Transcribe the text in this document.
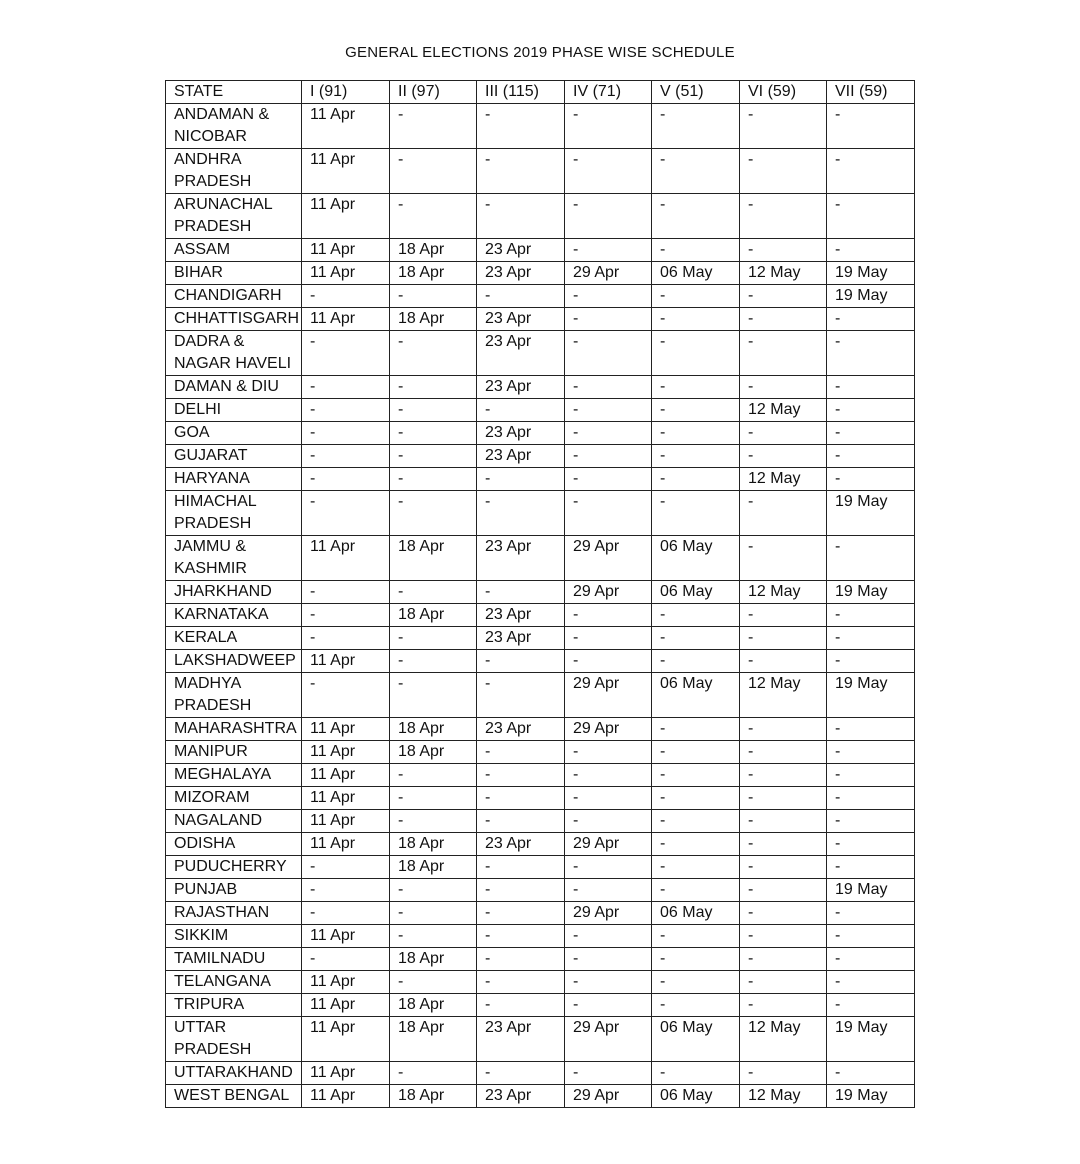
GENERAL ELECTIONS 2019 PHASE WISE SCHEDULE
STATE	I (91)	II (97)	III (115)	IV (71)	V (51)	VI (59)	VII (59)
ANDAMAN & NICOBAR	11 Apr	-	-	-	-	-	-
ANDHRA PRADESH	11 Apr	-	-	-	-	-	-
ARUNACHAL PRADESH	11 Apr	-	-	-	-	-	-
ASSAM	11 Apr	18 Apr	23 Apr	-	-	-	-
BIHAR	11 Apr	18 Apr	23 Apr	29 Apr	06 May	12 May	19 May
CHANDIGARH	-	-	-	-	-	-	19 May
CHHATTISGARH	11 Apr	18 Apr	23 Apr	-	-	-	-
DADRA & NAGAR HAVELI	-	-	23 Apr	-	-	-	-
DAMAN & DIU	-	-	23 Apr	-	-	-	-
DELHI	-	-	-	-	-	12 May	-
GOA	-	-	23 Apr	-	-	-	-
GUJARAT	-	-	23 Apr	-	-	-	-
HARYANA	-	-	-	-	-	12 May	-
HIMACHAL PRADESH	-	-	-	-	-	-	19 May
JAMMU & KASHMIR	11 Apr	18 Apr	23 Apr	29 Apr	06 May	-	-
JHARKHAND	-	-	-	29 Apr	06 May	12 May	19 May
KARNATAKA	-	18 Apr	23 Apr	-	-	-	-
KERALA	-	-	23 Apr	-	-	-	-
LAKSHADWEEP	11 Apr	-	-	-	-	-	-
MADHYA PRADESH	-	-	-	29 Apr	06 May	12 May	19 May
MAHARASHTRA	11 Apr	18 Apr	23 Apr	29 Apr	-	-	-
MANIPUR	11 Apr	18 Apr	-	-	-	-	-
MEGHALAYA	11 Apr	-	-	-	-	-	-
MIZORAM	11 Apr	-	-	-	-	-	-
NAGALAND	11 Apr	-	-	-	-	-	-
ODISHA	11 Apr	18 Apr	23 Apr	29 Apr	-	-	-
PUDUCHERRY	-	18 Apr	-	-	-	-	-
PUNJAB	-	-	-	-	-	-	19 May
RAJASTHAN	-	-	-	29 Apr	06 May	-	-
SIKKIM	11 Apr	-	-	-	-	-	-
TAMILNADU	-	18 Apr	-	-	-	-	-
TELANGANA	11 Apr	-	-	-	-	-	-
TRIPURA	11 Apr	18 Apr	-	-	-	-	-
UTTAR PRADESH	11 Apr	18 Apr	23 Apr	29 Apr	06 May	12 May	19 May
UTTARAKHAND	11 Apr	-	-	-	-	-	-
WEST BENGAL	11 Apr	18 Apr	23 Apr	29 Apr	06 May	12 May	19 May
